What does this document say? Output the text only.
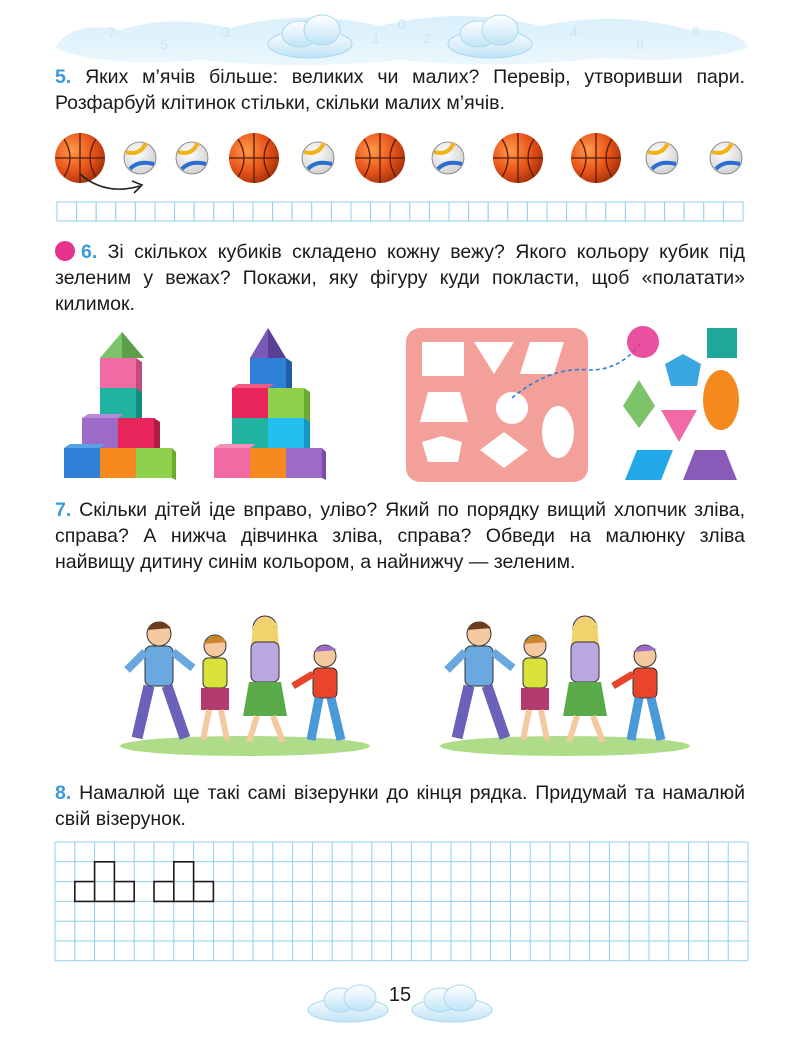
7
5
3	1
0
2	4
6
8
5. Яких м’ячів більше: великих чи малих? Перевір, утворивши пари. Розфарбуй клітинок стільки, скільки малих м’ячів.
6. Зі скількох кубиків складено кожну вежу? Якого кольору кубик під зеленим у вежах? Покажи, яку фігуру куди покласти, щоб «полатати» килимок.
7. Скільки дітей іде вправо, уліво? Який по порядку вищий хлопчик зліва, справа? А нижча дівчинка зліва, справа? Обведи на малюнку зліва найвищу дитину синім кольором, а найнижчу — зеленим.
8. Намалюй ще такі самі візерунки до кінця рядка. Придумай та намалюй свій візерунок.
15
